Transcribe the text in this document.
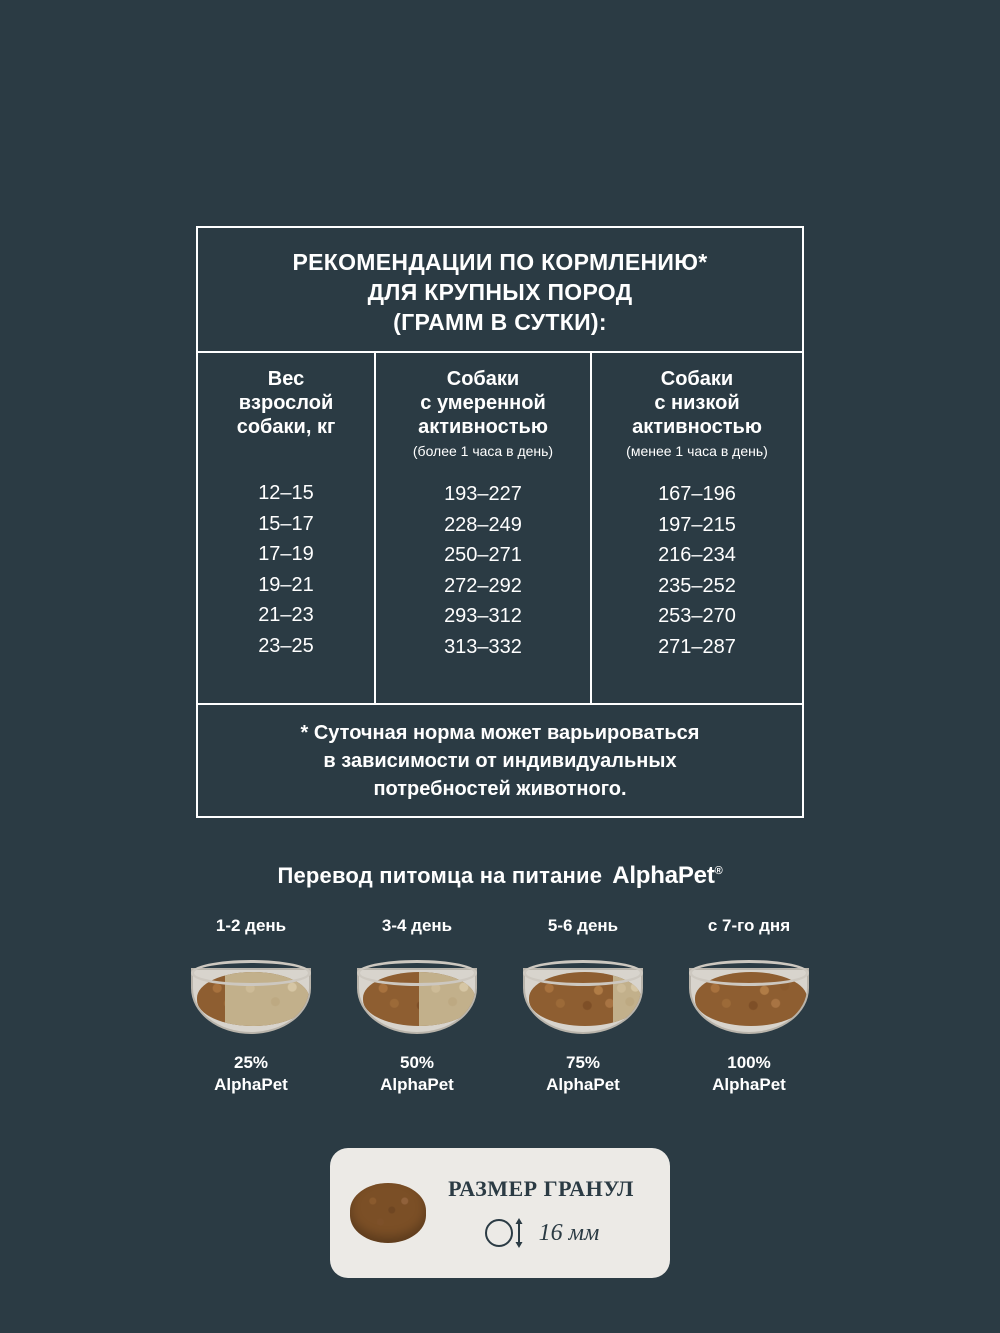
РЕКОМЕНДАЦИИ ПО КОРМЛЕНИЮ*
ДЛЯ КРУПНЫХ ПОРОД
(ГРАММ В СУТКИ):
Вес
взрослой
собаки, кг
12–15
15–17
17–19
19–21
21–23
23–25
Собаки
с умеренной
активностью
(более 1 часа в день)
193–227
228–249
250–271
272–292
293–312
313–332
Собаки
с низкой
активностью
(менее 1 часа в день)
167–196
197–215
216–234
235–252
253–270
271–287
* Суточная норма может варьироваться
в зависимости от индивидуальных
потребностей животного.
Перевод питомца на питание AlphaPet®
1-2 день
25%
AlphaPet
3-4 день
50%
AlphaPet
5-6 день
75%
AlphaPet
с 7-го дня
100%
AlphaPet
РАЗМЕР ГРАНУЛ
16 мм
